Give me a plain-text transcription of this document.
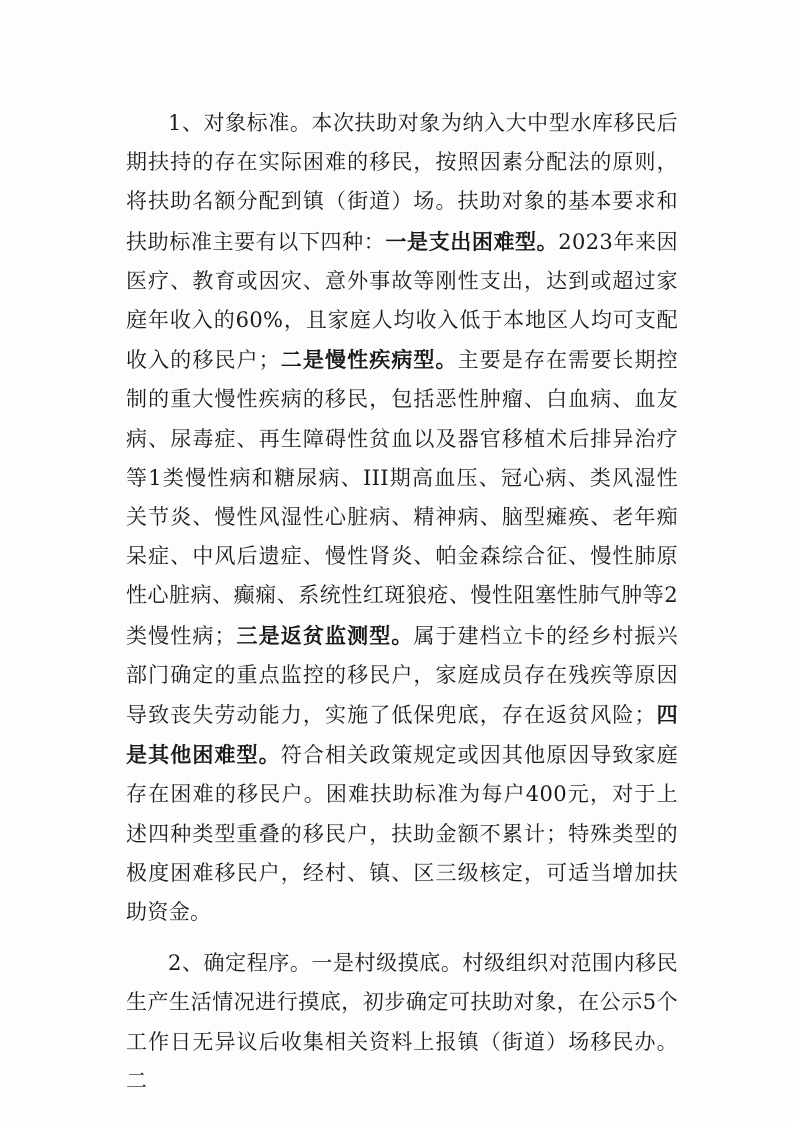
1、对象标准。本次扶助对象为纳入大中型水库移民后期扶持的存在实际困难的移民，按照因素分配法的原则，将扶助名额分配到镇（街道）场。扶助对象的基本要求和扶助标准主要有以下四种：一是支出困难型。2023年来因医疗、教育或因灾、意外事故等刚性支出，达到或超过家庭年收入的60%，且家庭人均收入低于本地区人均可支配收入的移民户；二是慢性疾病型。主要是存在需要长期控制的重大慢性疾病的移民，包括恶性肿瘤、白血病、血友病、尿毒症、再生障碍性贫血以及器官移植术后排异治疗等1类慢性病和糖尿病、III期高血压、冠心病、类风湿性关节炎、慢性风湿性心脏病、精神病、脑型瘫痪、老年痴呆症、中风后遗症、慢性肾炎、帕金森综合征、慢性肺原性心脏病、癫痫、系统性红斑狼疮、慢性阻塞性肺气肿等2类慢性病；三是返贫监测型。属于建档立卡的经乡村振兴部门确定的重点监控的移民户，家庭成员存在残疾等原因导致丧失劳动能力，实施了低保兜底，存在返贫风险；四是其他困难型。符合相关政策规定或因其他原因导致家庭存在困难的移民户。困难扶助标准为每户400元，对于上述四种类型重叠的移民户，扶助金额不累计；特殊类型的极度困难移民户，经村、镇、区三级核定，可适当增加扶助资金。

2、确定程序。一是村级摸底。村级组织对范围内移民生产生活情况进行摸底，初步确定可扶助对象，在公示5个工作日无异议后收集相关资料上报镇（街道）场移民办。二
